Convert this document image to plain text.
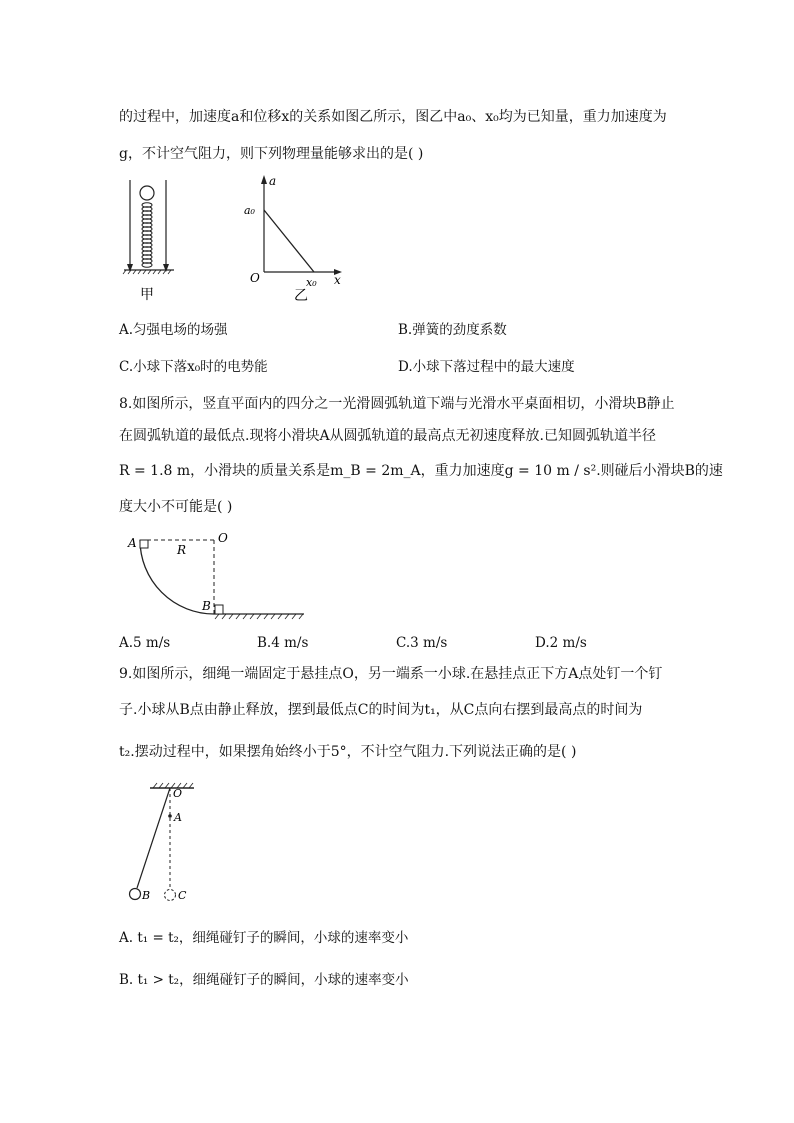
的过程中，加速度a和位移x的关系如图乙所示，图乙中a₀、x₀均为已知量，重力加速度为
g，不计空气阻力，则下列物理量能够求出的是( )
甲
a
x
a₀
x₀
O
乙
A.匀强电场的场强	B.弹簧的劲度系数
C.小球下落x₀时的电势能	D.小球下落过程中的最大速度
8.如图所示，竖直平面内的四分之一光滑圆弧轨道下端与光滑水平桌面相切，小滑块B静止
在圆弧轨道的最低点.现将小滑块A从圆弧轨道的最高点无初速度释放.已知圆弧轨道半径
R = 1.8 m，小滑块的质量关系是m_B = 2m_A，重力加速度g = 10 m / s².则碰后小滑块B的速
度大小不可能是( )
A	R
O
B
A.5 m/s	B.4 m/s	C.3 m/s	D.2 m/s
9.如图所示，细绳一端固定于悬挂点O，另一端系一小球.在悬挂点正下方A点处钉一个钉
子.小球从B点由静止释放，摆到最低点C的时间为t₁，从C点向右摆到最高点的时间为
t₂.摆动过程中，如果摆角始终小于5°，不计空气阻力.下列说法正确的是( )
O
A
B	C
A. t₁ = t₂，细绳碰钉子的瞬间，小球的速率变小
B. t₁ > t₂，细绳碰钉子的瞬间，小球的速率变小
